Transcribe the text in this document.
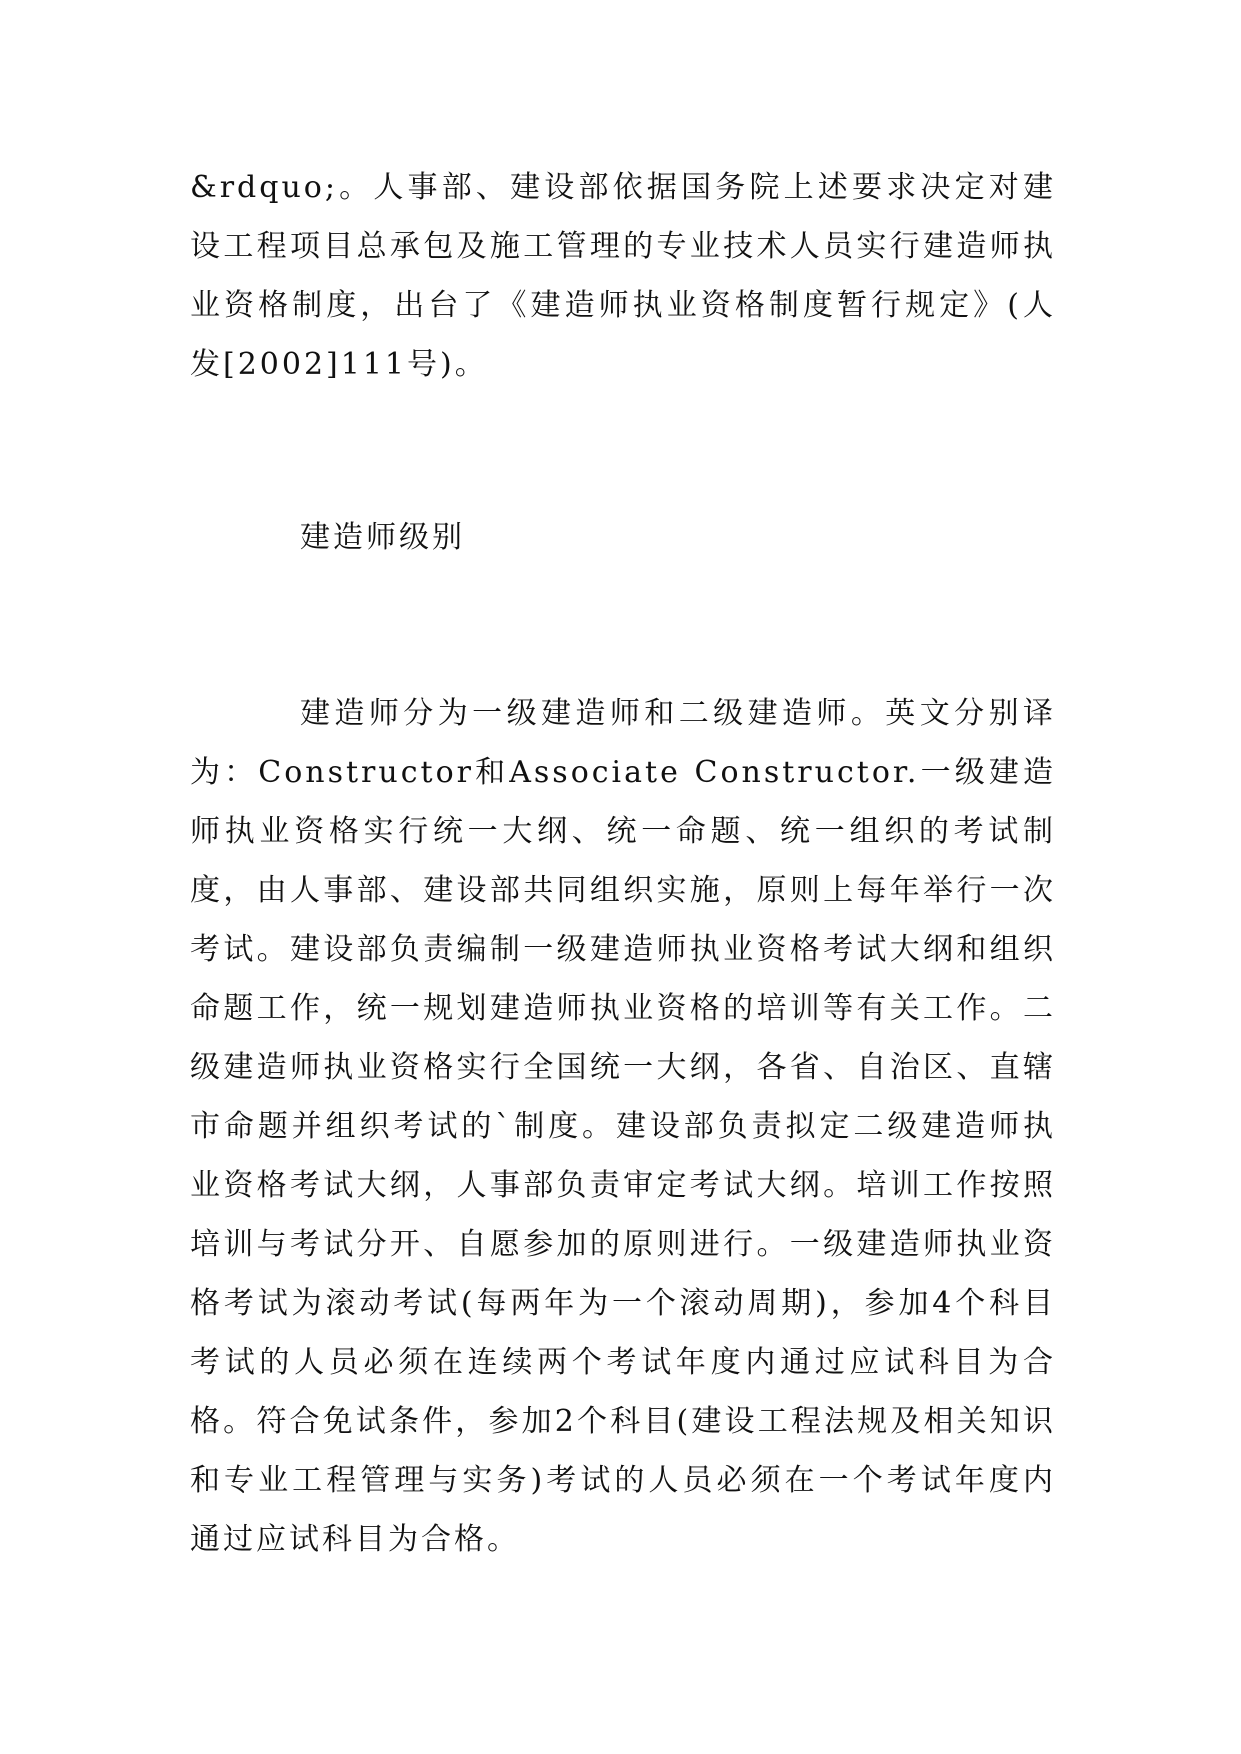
&rdquo;。人事部、建设部依据国务院上述要求决定对建设工程项目总承包及施工管理的专业技术人员实行建造师执业资格制度，出台了《建造师执业资格制度暂行规定》(人发[2002]111号)。

建造师级别

建造师分为一级建造师和二级建造师。英文分别译为：Constructor和Associate Constructor.一级建造师执业资格实行统一大纲、统一命题、统一组织的考试制度，由人事部、建设部共同组织实施，原则上每年举行一次考试。建设部负责编制一级建造师执业资格考试大纲和组织命题工作，统一规划建造师执业资格的培训等有关工作。二级建造师执业资格实行全国统一大纲，各省、自治区、直辖市命题并组织考试的`制度。建设部负责拟定二级建造师执业资格考试大纲，人事部负责审定考试大纲。培训工作按照培训与考试分开、自愿参加的原则进行。一级建造师执业资格考试为滚动考试(每两年为一个滚动周期)，参加4个科目考试的人员必须在连续两个考试年度内通过应试科目为合格。符合免试条件，参加2个科目(建设工程法规及相关知识和专业工程管理与实务)考试的人员必须在一个考试年度内通过应试科目为合格。
